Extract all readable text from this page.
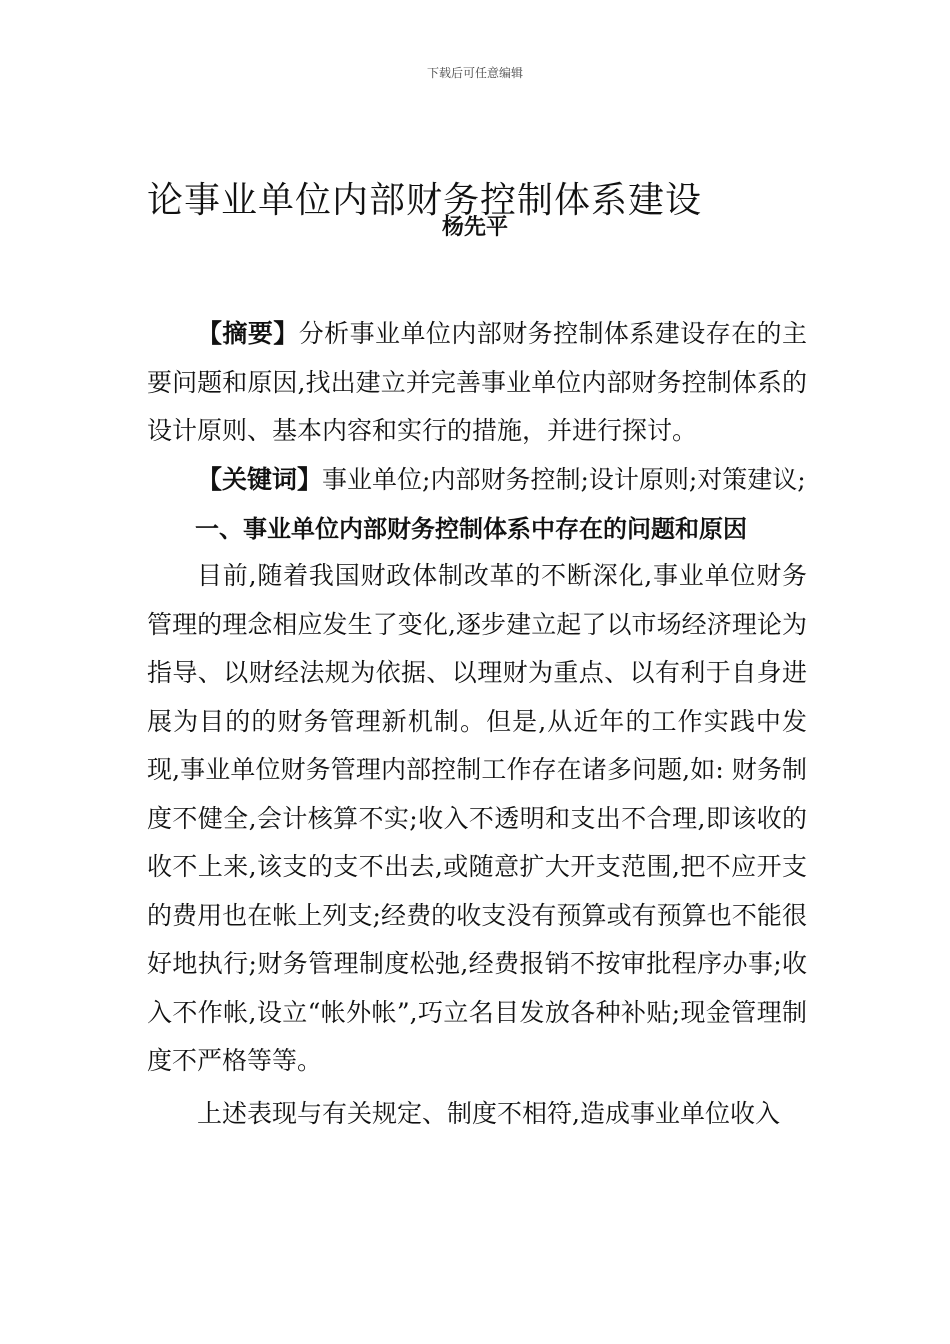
下载后可任意编辑
论事业单位内部财务控制体系建设
杨先平

【摘要】分析事业单位内部财务控制体系建设存在的主要问题和原因,找出建立并完善事业单位内部财务控制体系的设计原则、基本内容和实行的措施，并进行探讨。

【关键词】事业单位;内部财务控制;设计原则;对策建议;

一、事业单位内部财务控制体系中存在的问题和原因

目前,随着我国财政体制改革的不断深化,事业单位财务管理的理念相应发生了变化,逐步建立起了以市场经济理论为指导、以财经法规为依据、以理财为重点、以有利于自身进展为目的的财务管理新机制。但是,从近年的工作实践中发现,事业单位财务管理内部控制工作存在诸多问题,如: 财务制度不健全,会计核算不实;收入不透明和支出不合理,即该收的收不上来,该支的支不出去,或随意扩大开支范围,把不应开支的费用也在帐上列支;经费的收支没有预算或有预算也不能很好地执行;财务管理制度松弛,经费报销不按审批程序办事;收入不作帐,设立“帐外帐”,巧立名目发放各种补贴;现金管理制度不严格等等。

上述表现与有关规定、制度不相符,造成事业单位收入
